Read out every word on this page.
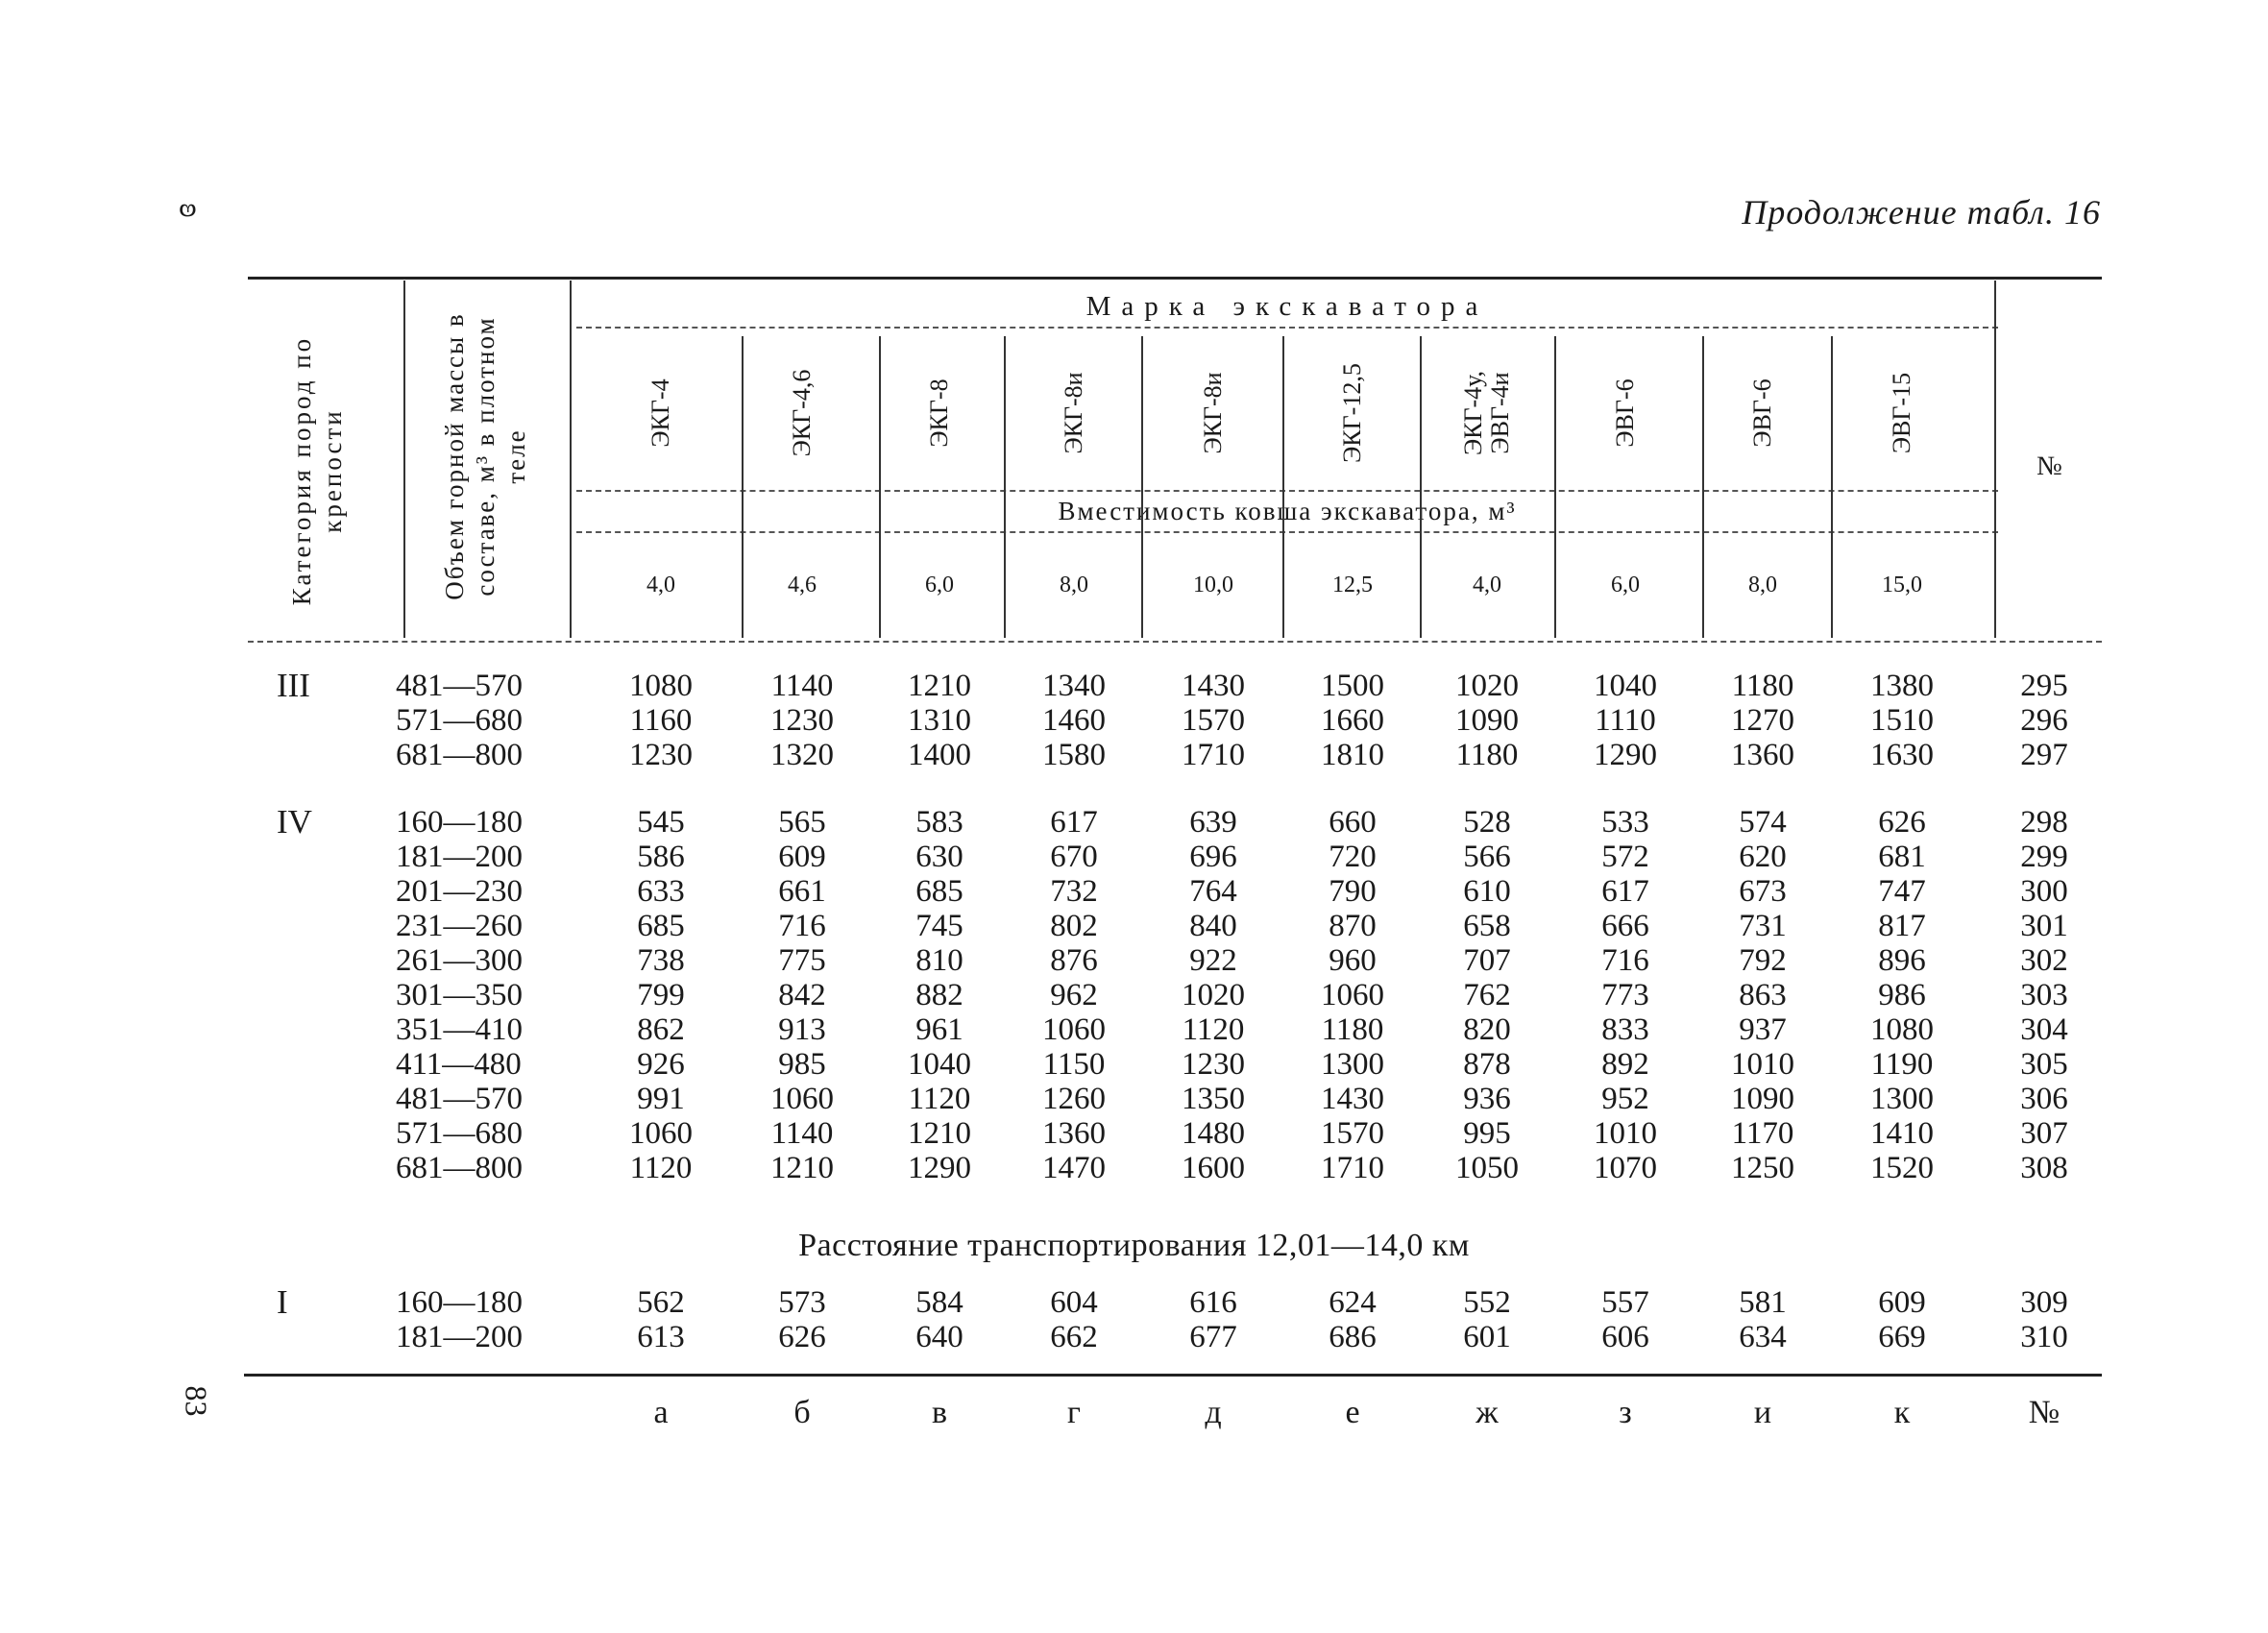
ʚ
83
Продолжение табл. 16
Категория пород по крепости	Объем горной массы в составе, м³ в плотном теле
Марка экскаватора
Вместимость ковша экскаватора, м³
№
ЭКГ-4	ЭКГ-4,6	ЭКГ-8	ЭКГ-8и	ЭКГ-8и	ЭКГ-12,5	ЭКГ-4у, ЭВГ-4и	ЭВГ-6	ЭВГ-6	ЭВГ-15
4,0	4,6	6,0	8,0	10,0	12,5	4,0	6,0	8,0	15,0
III	481—570	1080	1140	1210	1340	1430	1500	1020	1040	1180	1380	295
571—680	1160	1230	1310	1460	1570	1660	1090	1110	1270	1510	296
681—800	1230	1320	1400	1580	1710	1810	1180	1290	1360	1630	297
IV	160—180	545	565	583	617	639	660	528	533	574	626	298
181—200	586	609	630	670	696	720	566	572	620	681	299
201—230	633	661	685	732	764	790	610	617	673	747	300
231—260	685	716	745	802	840	870	658	666	731	817	301
261—300	738	775	810	876	922	960	707	716	792	896	302
301—350	799	842	882	962	1020	1060	762	773	863	986	303
351—410	862	913	961	1060	1120	1180	820	833	937	1080	304
411—480	926	985	1040	1150	1230	1300	878	892	1010	1190	305
481—570	991	1060	1120	1260	1350	1430	936	952	1090	1300	306
571—680	1060	1140	1210	1360	1480	1570	995	1010	1170	1410	307
681—800	1120	1210	1290	1470	1600	1710	1050	1070	1250	1520	308
I	160—180	562	573	584	604	616	624	552	557	581	609	309
181—200	613	626	640	662	677	686	601	606	634	669	310
Расстояние транспортирования 12,01—14,0 км
а	б	в	г	д	е	ж	з	и	к	№
